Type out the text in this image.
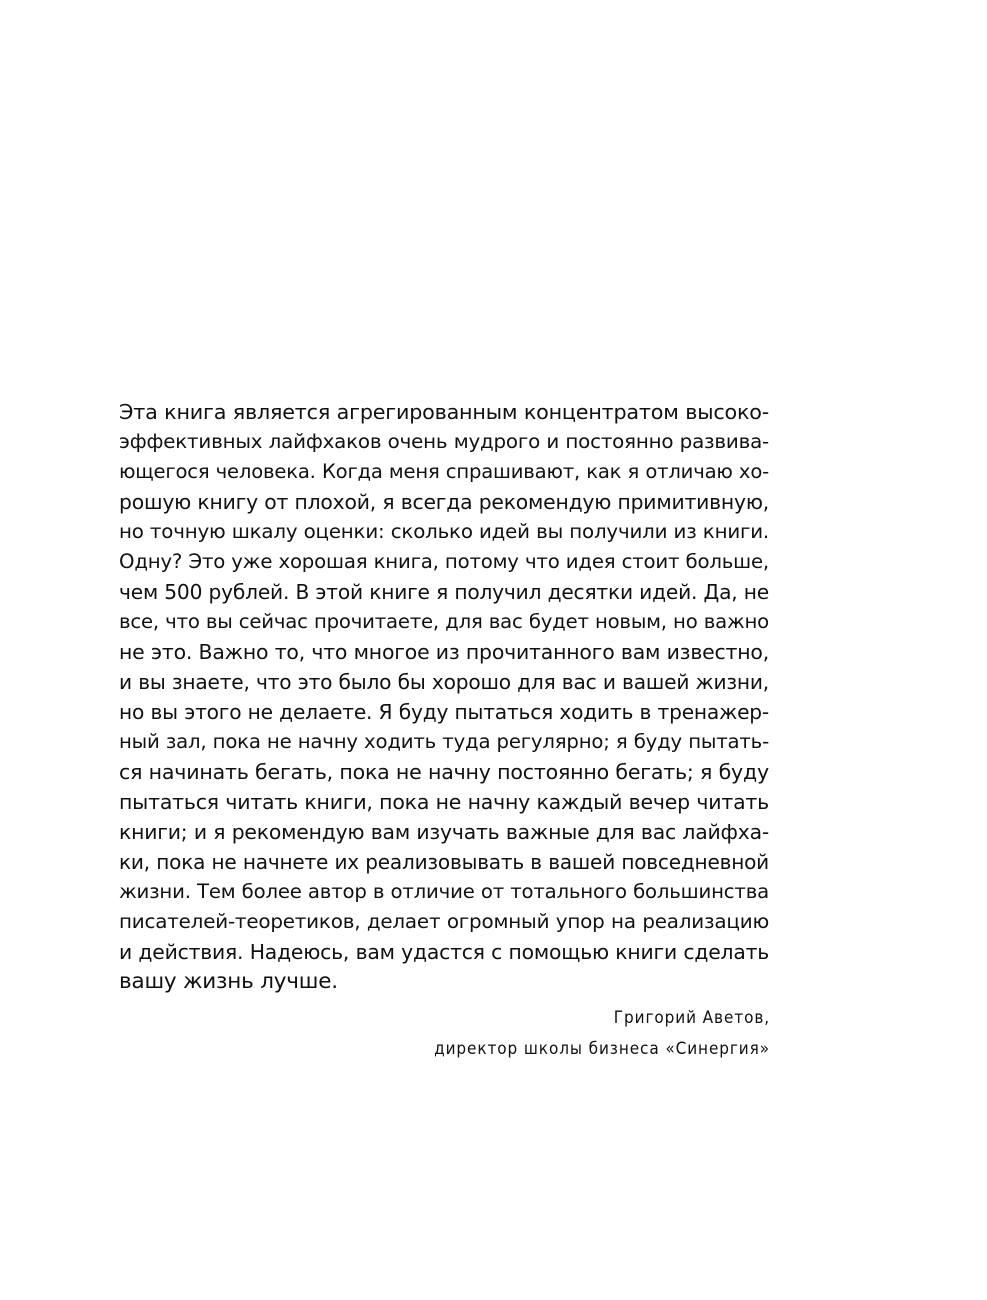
Эта книга является агрегированным концентратом высоко-
эффективных лайфхаков очень мудрого и постоянно развива-
ющегося человека. Когда меня спрашивают, как я отличаю хо-
рошую книгу от плохой, я всегда рекомендую примитивную,
но точную шкалу оценки: сколько идей вы получили из книги.
Одну? Это уже хорошая книга, потому что идея стоит больше,
чем 500 рублей. В этой книге я получил десятки идей. Да, не
все, что вы сейчас прочитаете, для вас будет новым, но важно
не это. Важно то, что многое из прочитанного вам известно,
и вы знаете, что это было бы хорошо для вас и вашей жизни,
но вы этого не делаете. Я буду пытаться ходить в тренажер-
ный зал, пока не начну ходить туда регулярно; я буду пытать-
ся начинать бегать, пока не начну постоянно бегать; я буду
пытаться читать книги, пока не начну каждый вечер читать
книги; и я рекомендую вам изучать важные для вас лайфха-
ки, пока не начнете их реализовывать в вашей повседневной
жизни. Тем более автор в отличие от тотального большинства
писателей-теоретиков, делает огромный упор на реализацию
и действия. Надеюсь, вам удастся с помощью книги сделать
вашу жизнь лучше.
Григорий Аветов,
директор школы бизнеса «Синергия»
